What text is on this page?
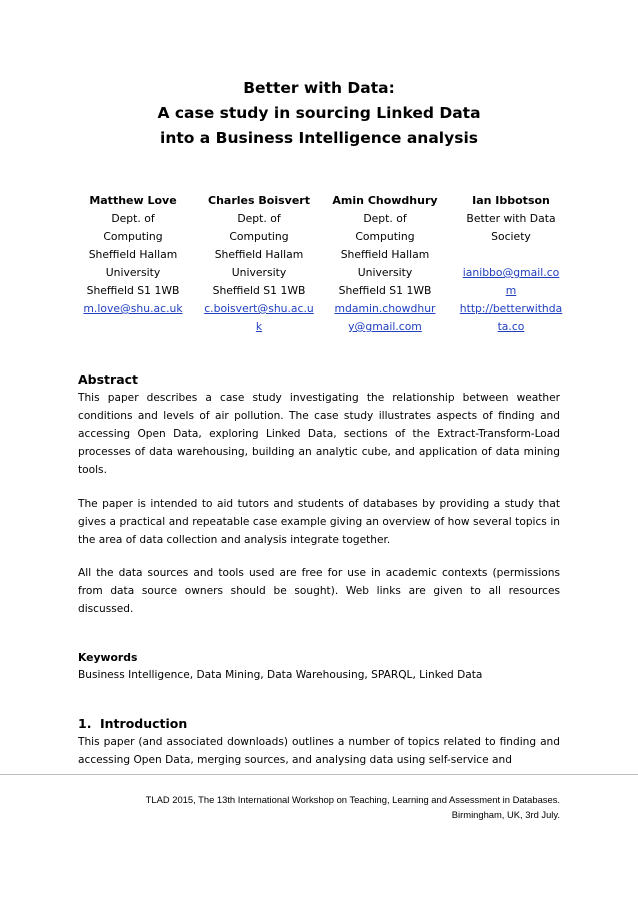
Better with Data:
A case study in sourcing Linked Data
into a Business Intelligence analysis
Matthew Love
Dept. of
Computing
Sheffield Hallam
University
Sheffield S1 1WB
m.love@shu.ac.uk
Charles Boisvert
Dept. of
Computing
Sheffield Hallam
University
Sheffield S1 1WB
c.boisvert@shu.ac.u
k
Amin Chowdhury
Dept. of
Computing
Sheffield Hallam
University
Sheffield S1 1WB
mdamin.chowdhur
y@gmail.com
Ian Ibbotson
Better with Data
Society
ianibbo@gmail.co
m
http://betterwithda
ta.co
Abstract
This paper describes a case study investigating the relationship between weather conditions and levels of air pollution. The case study illustrates aspects of finding and accessing Open Data, exploring Linked Data, sections of the Extract-Transform-Load processes of data warehousing, building an analytic cube, and application of data mining tools.
The paper is intended to aid tutors and students of databases by providing a study that gives a practical and repeatable case example giving an overview of how several topics in the area of data collection and analysis integrate together.
All the data sources and tools used are free for use in academic contexts (permissions from data source owners should be sought). Web links are given to all resources discussed.
Keywords
Business Intelligence, Data Mining, Data Warehousing, SPARQL, Linked Data
1. Introduction
This paper (and associated downloads) outlines a number of topics related to finding and accessing Open Data, merging sources, and analysing data using self-service and
TLAD 2015, The 13th International Workshop on Teaching, Learning and Assessment in Databases.
Birmingham, UK, 3rd July.
